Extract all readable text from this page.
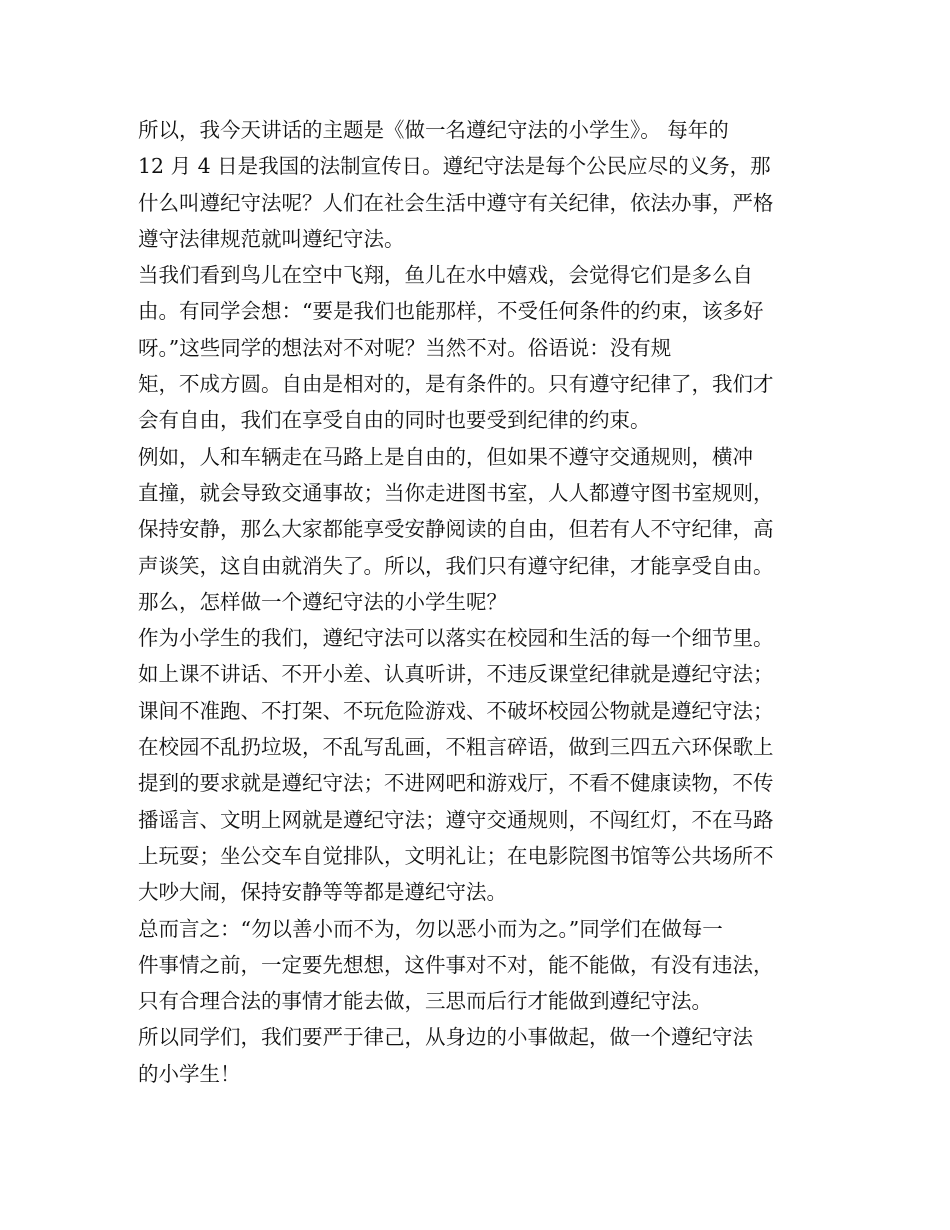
所以，我今天讲话的主题是《做一名遵纪守法的小学生》。 每年的
12 月 4 日是我国的法制宣传日。遵纪守法是每个公民应尽的义务，那
什么叫遵纪守法呢？人们在社会生活中遵守有关纪律，依法办事，严格
遵守法律规范就叫遵纪守法。
当我们看到鸟儿在空中飞翔，鱼儿在水中嬉戏，会觉得它们是多么自
由。有同学会想：“要是我们也能那样，不受任何条件的约束，该多好
呀。”这些同学的想法对不对呢？当然不对。俗语说：没有规
矩，不成方圆。自由是相对的，是有条件的。只有遵守纪律了，我们才
会有自由，我们在享受自由的同时也要受到纪律的约束。
例如，人和车辆走在马路上是自由的，但如果不遵守交通规则，横冲
直撞，就会导致交通事故；当你走进图书室，人人都遵守图书室规则，
保持安静，那么大家都能享受安静阅读的自由，但若有人不守纪律，高
声谈笑，这自由就消失了。所以，我们只有遵守纪律，才能享受自由。
那么，怎样做一个遵纪守法的小学生呢？
作为小学生的我们，遵纪守法可以落实在校园和生活的每一个细节里。
如上课不讲话、不开小差、认真听讲，不违反课堂纪律就是遵纪守法；
课间不准跑、不打架、不玩危险游戏、不破坏校园公物就是遵纪守法；
在校园不乱扔垃圾，不乱写乱画，不粗言碎语，做到三四五六环保歌上
提到的要求就是遵纪守法；不进网吧和游戏厅，不看不健康读物，不传
播谣言、文明上网就是遵纪守法；遵守交通规则，不闯红灯，不在马路
上玩耍；坐公交车自觉排队，文明礼让；在电影院图书馆等公共场所不
大吵大闹，保持安静等等都是遵纪守法。
总而言之：“勿以善小而不为，勿以恶小而为之。”同学们在做每一
件事情之前，一定要先想想，这件事对不对，能不能做，有没有违法，
只有合理合法的事情才能去做，三思而后行才能做到遵纪守法。
所以同学们，我们要严于律己，从身边的小事做起，做一个遵纪守法
的小学生！
